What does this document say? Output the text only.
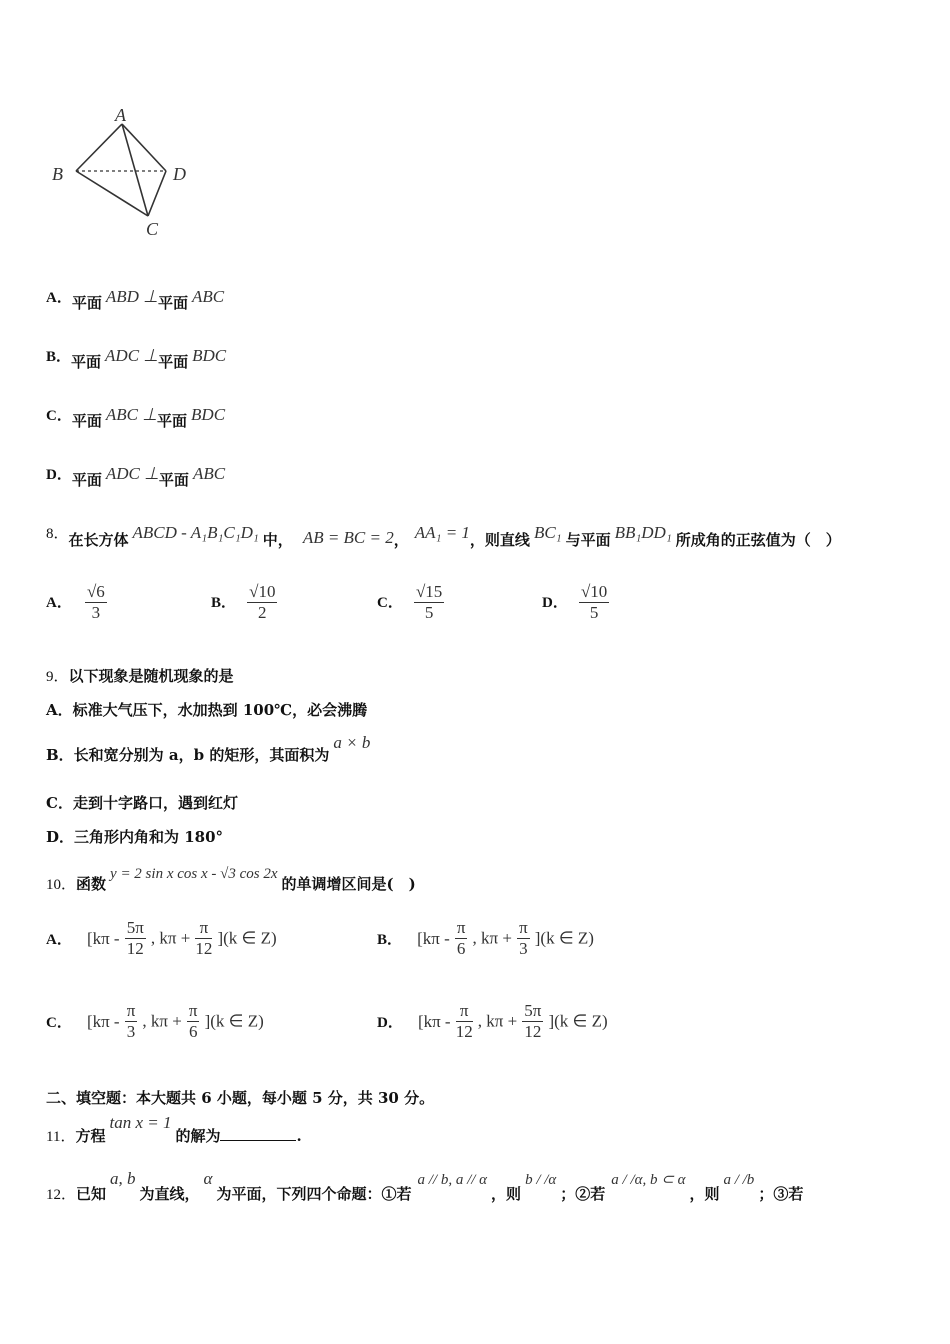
A
B
C
D
A．平面 ABD ⊥平面 ABC
B．平面 ADC ⊥平面 BDC
C．平面 ABC ⊥平面 BDC
D．平面 ADC ⊥平面 ABC
8．在长方体 ABCD - A₁B₁C₁D₁ 中， AB = BC = 2， AA₁ = 1，则直线 BC₁ 与平面 BB₁DD₁ 所成角的正弦值为（　）
A． $\frac{√6}{3}$	B． $\frac{√10}{2}$	C． $\frac{√15}{5}$	D． $\frac{√10}{5}$
9．以下现象是随机现象的是
A．标准大气压下，水加热到 100℃，必会沸腾
B．长和宽分别为 a，b 的矩形，其面积为a × b
C．走到十字路口，遇到红灯
D．三角形内角和为 180°
10．函数y = 2 sin x cos x - √3 cos 2x的单调增区间是(　)
A． [$k\pi - \frac{5\pi}{12}$ , $k\pi + \frac{\pi}{12} ](k$ ∈ Z)	B． [$k\pi - \frac{\pi}{6}$ , $k\pi + \frac{\pi}{3} ](k$ ∈ Z)
C． [$k\pi - \frac{\pi}{3}$ , $k\pi + \frac{\pi}{6} ](k$ ∈ Z)	D． [$k\pi - \frac{\pi}{12}$ , $k\pi + \frac{5\pi}{12} ](k$ ∈ Z)
二、填空题：本大题共 6 小题，每小题 5 分，共 30 分。
11．方程tan x = 1的解为	.
12．已知a, b为直线，α为平面，下列四个命题：①若a // b, a // α，则b / /α；②若a / /α, b ⊂ α，则a / /b；③若
